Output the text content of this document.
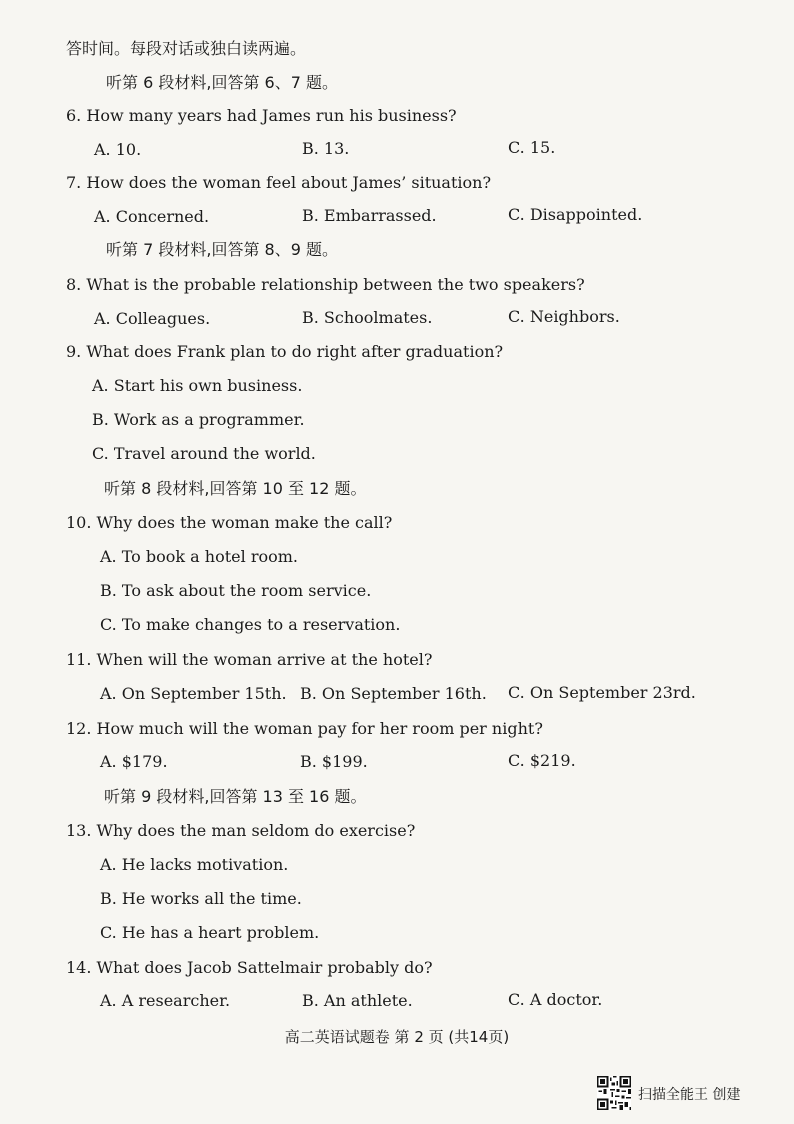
答时间。每段对话或独白读两遍。
听第 6 段材料,回答第 6、7 题。
6. How many years had James run his business?
A. 10.	B. 13.	C. 15.
7. How does the woman feel about James’ situation?
A. Concerned.	B. Embarrassed.	C. Disappointed.
听第 7 段材料,回答第 8、9 题。
8. What is the probable relationship between the two speakers?
A. Colleagues.	B. Schoolmates.	C. Neighbors.
9. What does Frank plan to do right after graduation?
A. Start his own business.
B. Work as a programmer.
C. Travel around the world.
听第 8 段材料,回答第 10 至 12 题。
10. Why does the woman make the call?
A. To book a hotel room.
B. To ask about the room service.
C. To make changes to a reservation.
11. When will the woman arrive at the hotel?
A. On September 15th. B. On September 16th. C. On September 23rd.
12. How much will the woman pay for her room per night?
A. $179.	B. $199.	C. $219.
听第 9 段材料,回答第 13 至 16 题。
13. Why does the man seldom do exercise?
A. He lacks motivation.
B. He works all the time.
C. He has a heart problem.
14. What does Jacob Sattelmair probably do?
A. A researcher.	B. An athlete.	C. A doctor.
高二英语试题卷 第 2 页 (共14页)
扫描全能王 创建
